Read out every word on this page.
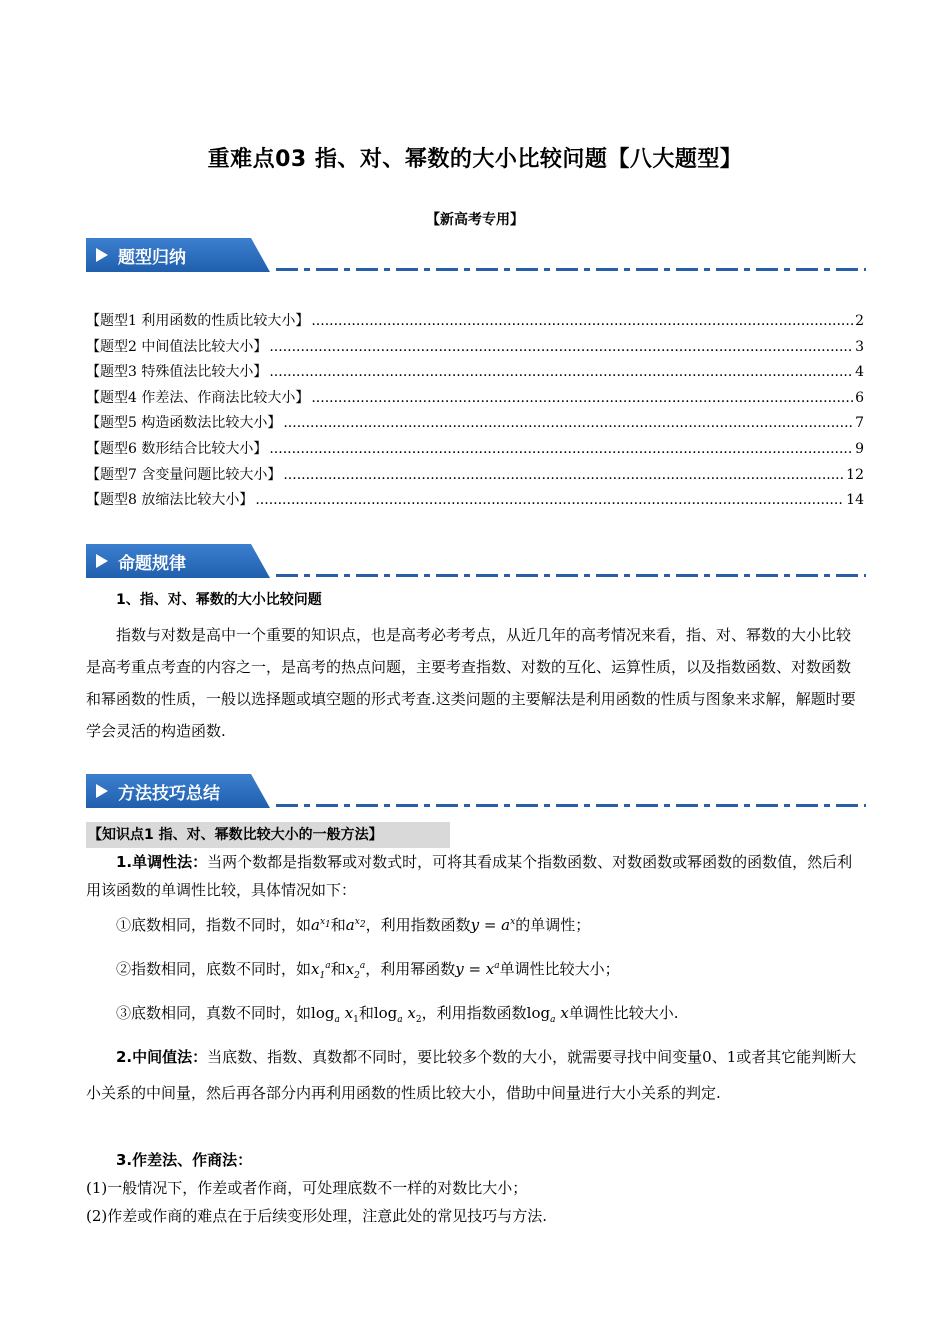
重难点03 指、对、幂数的大小比较问题【八大题型】
【新高考专用】
题型归纳
【题型1 利用函数的性质比较大小】 .....	2
【题型2 中间值法比较大小】 .....	3
【题型3 特殊值法比较大小】 .....	4
【题型4 作差法、作商法比较大小】 .....	6
【题型5 构造函数法比较大小】 .....	7
【题型6 数形结合比较大小】 .....	9
【题型7 含变量问题比较大小】 .....	12
【题型8 放缩法比较大小】 .....	14
命题规律
1、指、对、幂数的大小比较问题
指数与对数是高中一个重要的知识点，也是高考必考考点，从近几年的高考情况来看，指、对、幂数的大小比较是高考重点考查的内容之一，是高考的热点问题，主要考查指数、对数的互化、运算性质，以及指数函数、对数函数和幂函数的性质，一般以选择题或填空题的形式考查.这类问题的主要解法是利用函数的性质与图象来求解，解题时要学会灵活的构造函数.
方法技巧总结
【知识点1 指、对、幂数比较大小的一般方法】
1.单调性法：当两个数都是指数幂或对数式时，可将其看成某个指数函数、对数函数或幂函数的函数值，然后利用该函数的单调性比较，具体情况如下：
①底数相同，指数不同时，如$a^{x_1}$和$a^{x_2}$，利用指数函数$y = a^x$的单调性；
②指数相同，底数不同时，如$x_1^a$和$x_2^a$，利用幂函数$y = x^a$单调性比较大小；
③底数相同，真数不同时，如$\log_a x_1$和$\log_a x_2$，利用指数函数$\log_a x$单调性比较大小.
2.中间值法：当底数、指数、真数都不同时，要比较多个数的大小，就需要寻找中间变量0、1或者其它能判断大小关系的中间量，然后再各部分内再利用函数的性质比较大小，借助中间量进行大小关系的判定.
3.作差法、作商法：
(1)一般情况下，作差或者作商，可处理底数不一样的对数比大小；
(2)作差或作商的难点在于后续变形处理，注意此处的常见技巧与方法.
